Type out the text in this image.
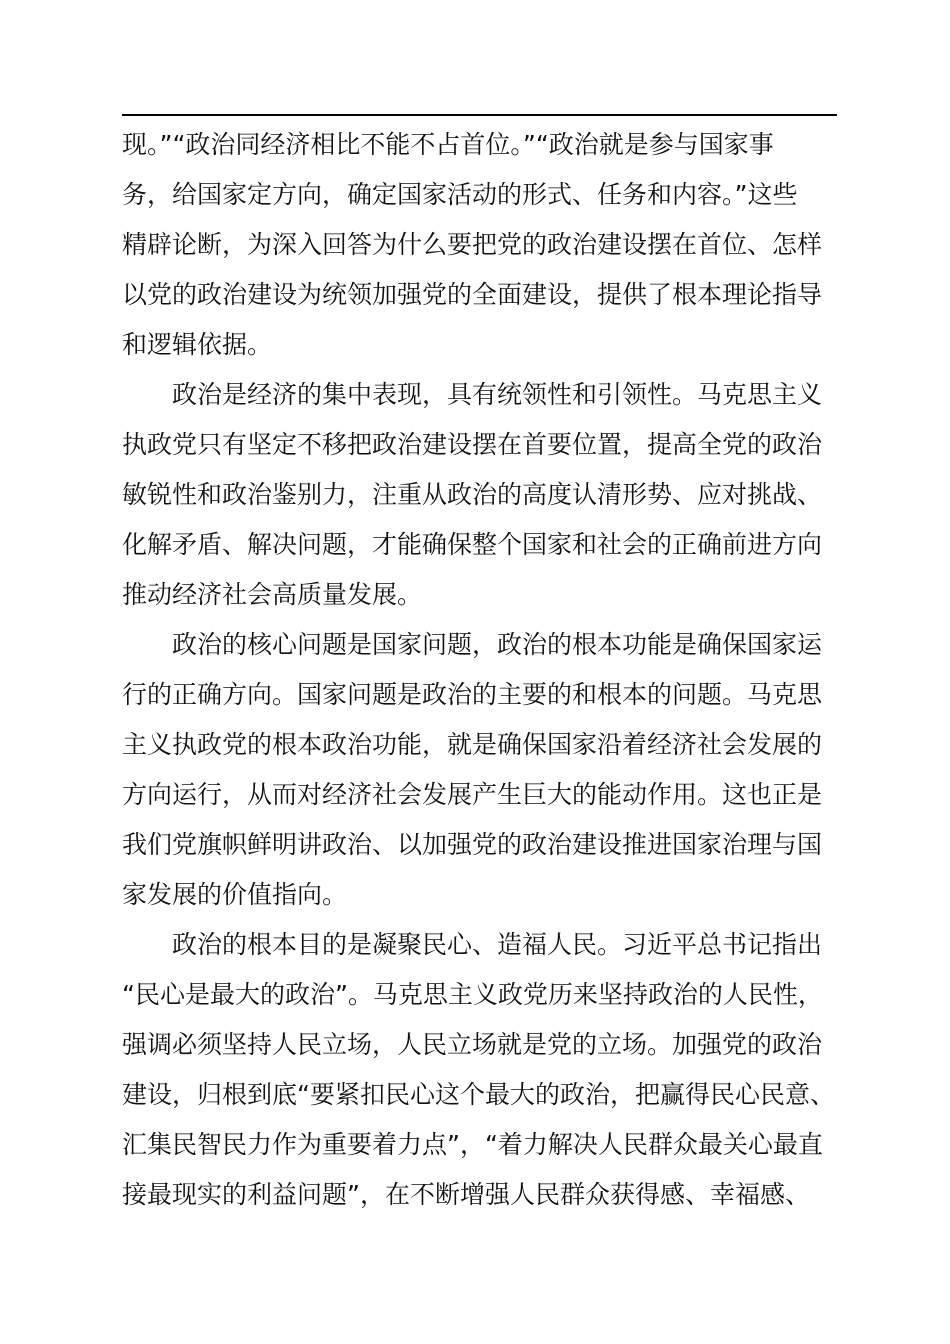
现。”“政治同经济相比不能不占首位。”“政治就是参与国家事
务，给国家定方向，确定国家活动的形式、任务和内容。”这些
精辟论断，为深入回答为什么要把党的政治建设摆在首位、怎样
以党的政治建设为统领加强党的全面建设，提供了根本理论指导
和逻辑依据。
政治是经济的集中表现，具有统领性和引领性。马克思主义
执政党只有坚定不移把政治建设摆在首要位置，提高全党的政治
敏锐性和政治鉴别力，注重从政治的高度认清形势、应对挑战、
化解矛盾、解决问题，才能确保整个国家和社会的正确前进方向
推动经济社会高质量发展。
政治的核心问题是国家问题，政治的根本功能是确保国家运
行的正确方向。国家问题是政治的主要的和根本的问题。马克思
主义执政党的根本政治功能，就是确保国家沿着经济社会发展的
方向运行，从而对经济社会发展产生巨大的能动作用。这也正是
我们党旗帜鲜明讲政治、以加强党的政治建设推进国家治理与国
家发展的价值指向。
政治的根本目的是凝聚民心、造福人民。习近平总书记指出
“民心是最大的政治”。马克思主义政党历来坚持政治的人民性，
强调必须坚持人民立场，人民立场就是党的立场。加强党的政治
建设，归根到底“要紧扣民心这个最大的政治，把赢得民心民意、
汇集民智民力作为重要着力点”，“着力解决人民群众最关心最直
接最现实的利益问题”，在不断增强人民群众获得感、幸福感、
